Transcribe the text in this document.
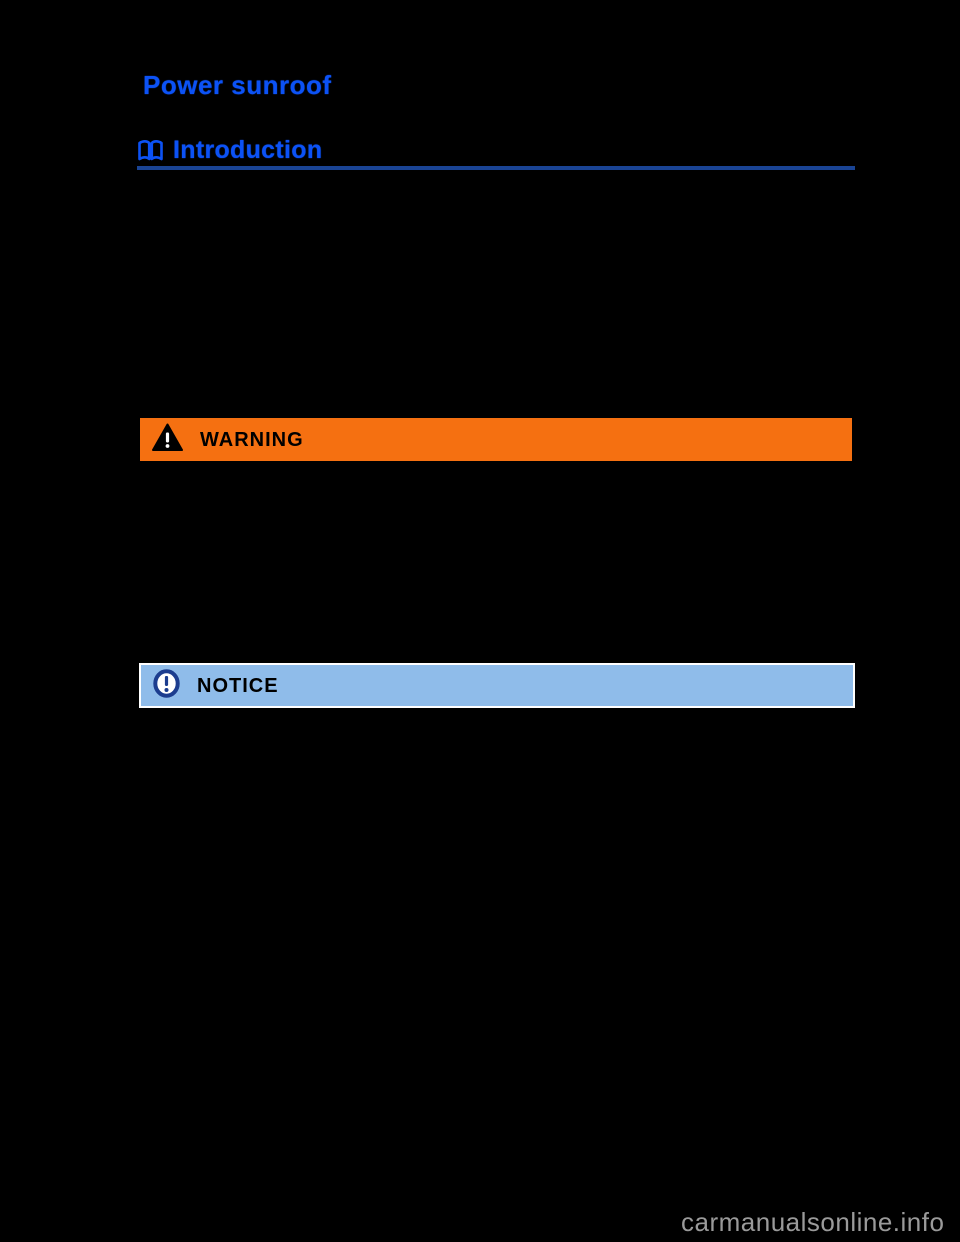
Power sunroof
Introduction
WARNING
NOTICE
carmanualsonline.info
